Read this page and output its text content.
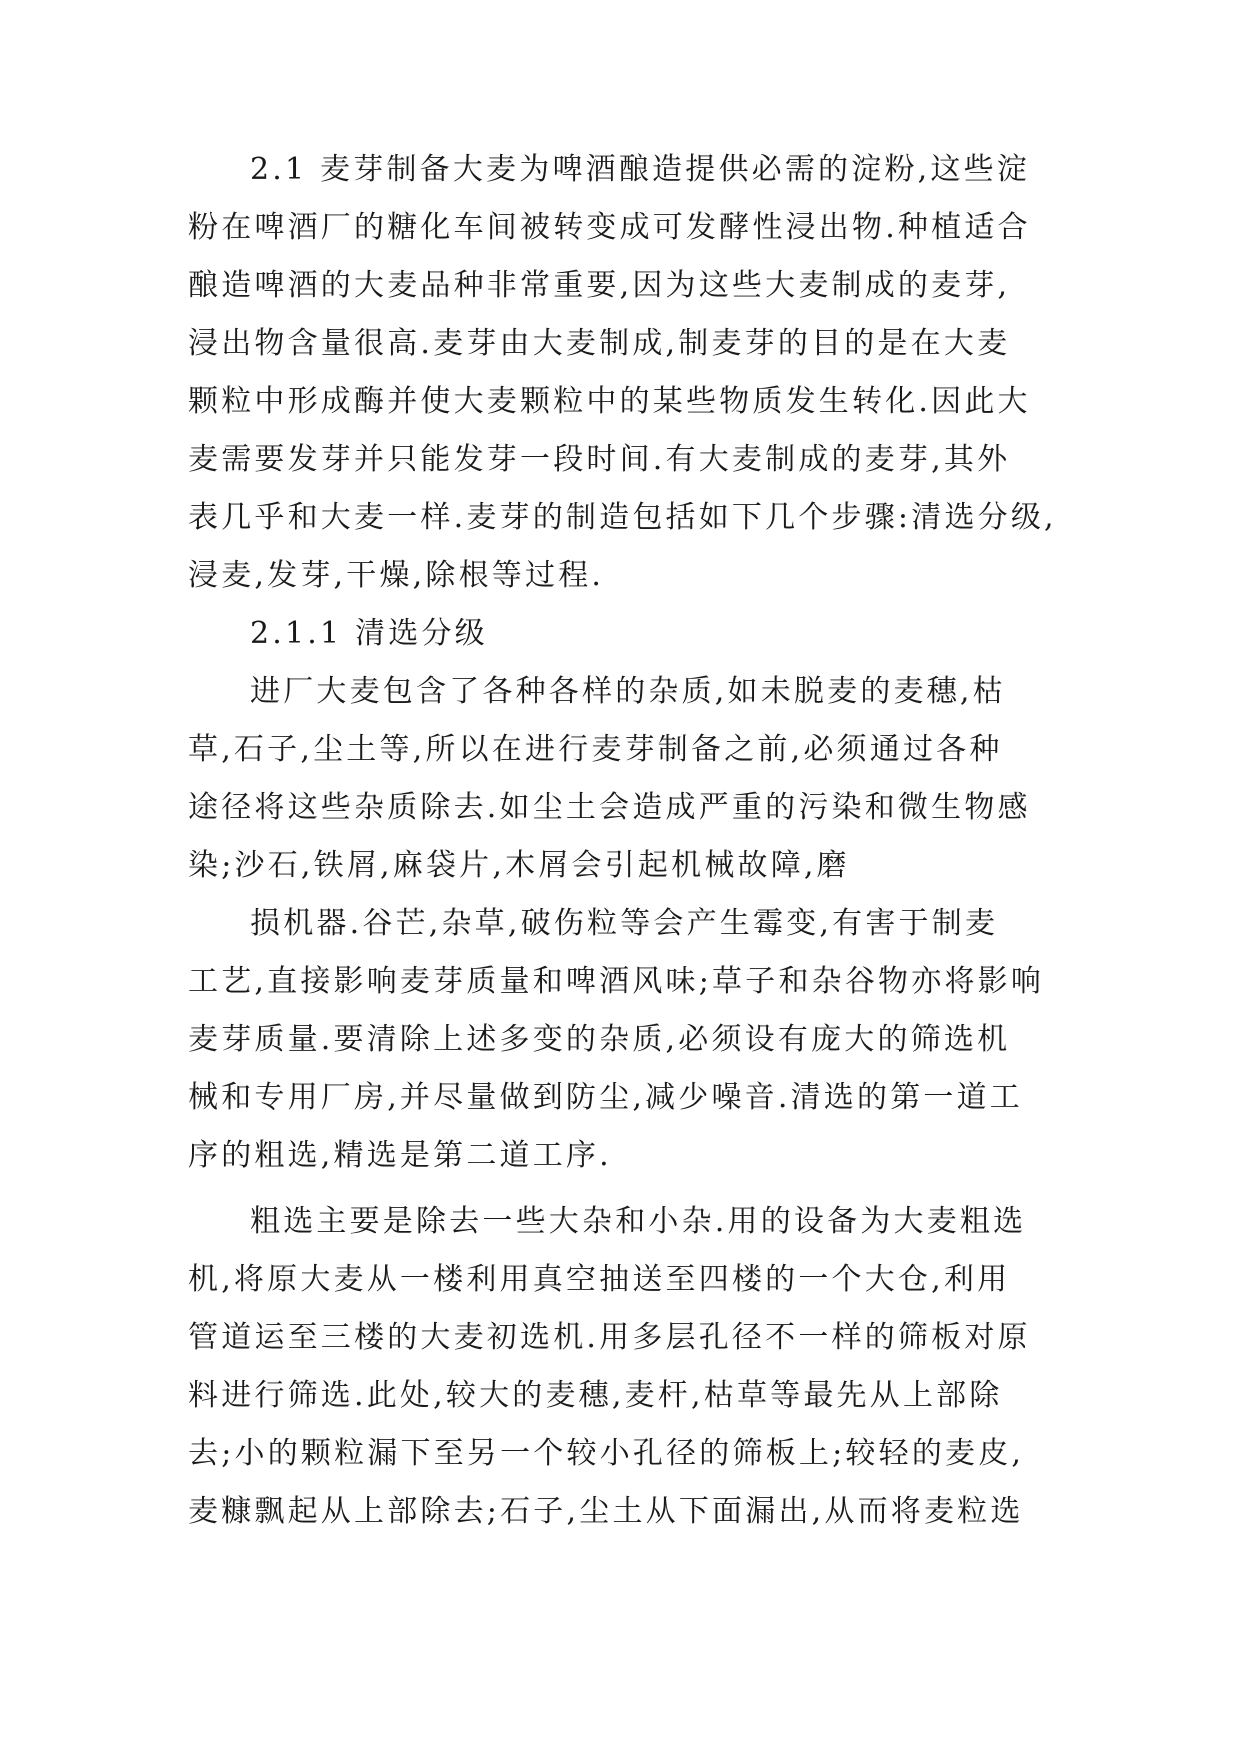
2.1 麦芽制备大麦为啤酒酿造提供必需的淀粉,这些淀
粉在啤酒厂的糖化车间被转变成可发酵性浸出物.种植适合
酿造啤酒的大麦品种非常重要,因为这些大麦制成的麦芽,
浸出物含量很高.麦芽由大麦制成,制麦芽的目的是在大麦
颗粒中形成酶并使大麦颗粒中的某些物质发生转化.因此大
麦需要发芽并只能发芽一段时间.有大麦制成的麦芽,其外
表几乎和大麦一样.麦芽的制造包括如下几个步骤:清选分级,
浸麦,发芽,干燥,除根等过程.
2.1.1 清选分级
进厂大麦包含了各种各样的杂质,如未脱麦的麦穗,枯
草,石子,尘土等,所以在进行麦芽制备之前,必须通过各种
途径将这些杂质除去.如尘土会造成严重的污染和微生物感
染;沙石,铁屑,麻袋片,木屑会引起机械故障,磨
损机器.谷芒,杂草,破伤粒等会产生霉变,有害于制麦
工艺,直接影响麦芽质量和啤酒风味;草子和杂谷物亦将影响
麦芽质量.要清除上述多变的杂质,必须设有庞大的筛选机
械和专用厂房,并尽量做到防尘,减少噪音.清选的第一道工
序的粗选,精选是第二道工序.
粗选主要是除去一些大杂和小杂.用的设备为大麦粗选
机,将原大麦从一楼利用真空抽送至四楼的一个大仓,利用
管道运至三楼的大麦初选机.用多层孔径不一样的筛板对原
料进行筛选.此处,较大的麦穗,麦杆,枯草等最先从上部除
去;小的颗粒漏下至另一个较小孔径的筛板上;较轻的麦皮,
麦糠飘起从上部除去;石子,尘土从下面漏出,从而将麦粒选
